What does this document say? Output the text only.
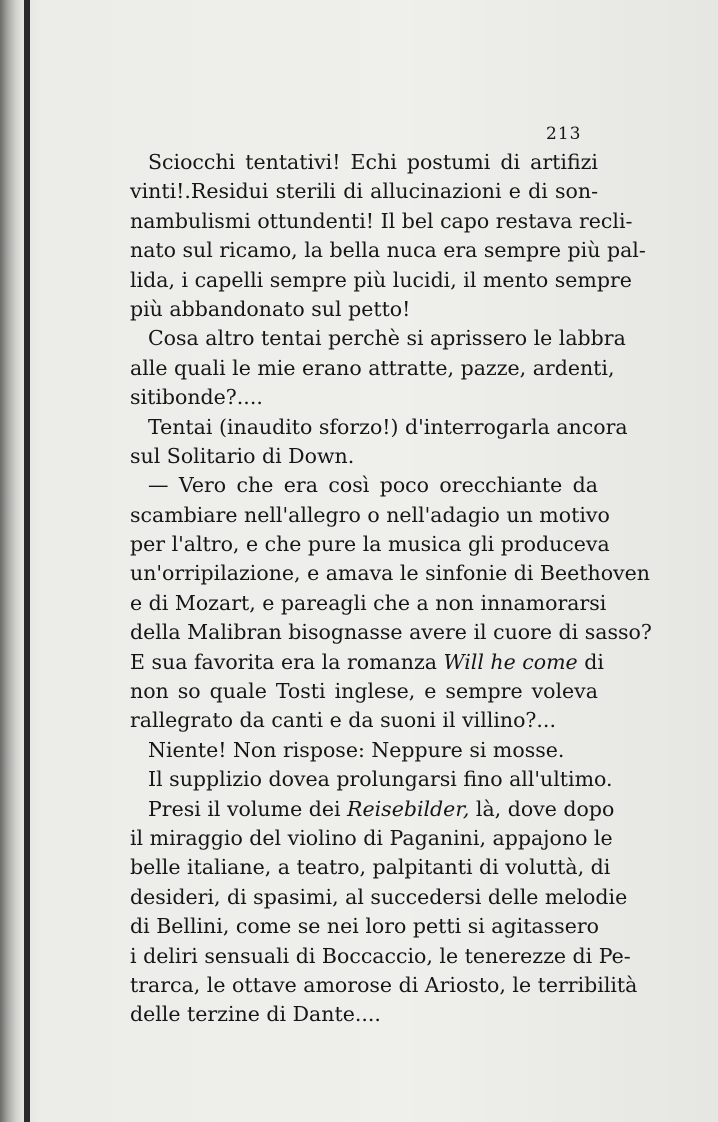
213
Sciocchi tentativi! Echi postumi di artifizi
vinti!.Residui sterili di allucinazioni e di son-
nambulismi ottundenti! Il bel capo restava recli-
nato sul ricamo, la bella nuca era sempre più pal-
lida, i capelli sempre più lucidi, il mento sempre
più abbandonato sul petto!
Cosa altro tentai perchè si aprissero le labbra
alle quali le mie erano attratte, pazze, ardenti,
sitibonde?....
Tentai (inaudito sforzo!) d'interrogarla ancora
sul Solitario di Down.
— Vero che era così poco orecchiante da
scambiare nell'allegro o nell'adagio un motivo
per l'altro, e che pure la musica gli produceva
un'orripilazione, e amava le sinfonie di Beethoven
e di Mozart, e pareagli che a non innamorarsi
della Malibran bisognasse avere il cuore di sasso?
E sua favorita era la romanza Will he come di
non so quale Tosti inglese, e sempre voleva
rallegrato da canti e da suoni il villino?...
Niente! Non rispose: Neppure si mosse.
Il supplizio dovea prolungarsi fino all'ultimo.
Presi il volume dei Reisebilder, là, dove dopo
il miraggio del violino di Paganini, appajono le
belle italiane, a teatro, palpitanti di voluttà, di
desideri, di spasimi, al succedersi delle melodie
di Bellini, come se nei loro petti si agitassero
i deliri sensuali di Boccaccio, le tenerezze di Pe-
trarca, le ottave amorose di Ariosto, le terribilità
delle terzine di Dante....
